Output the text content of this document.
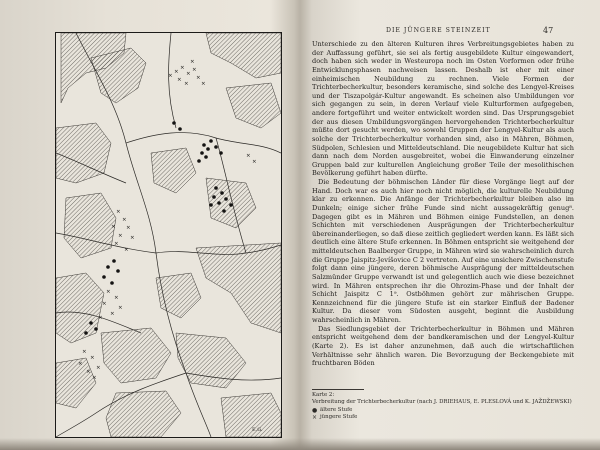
×
×
×
×
×
×
×
×
×
×
×
×
× ×
× ×
×
×
×
×
×
×
×
×
×
×
×
×
×
×
×
×
E.G.
DIE JÜNGERE STEINZEIT	47

Unterschiede zu den älteren Kulturen ihres Verbreitungsgebietes haben zu der Auffassung geführt, sie sei als fertig ausgebildete Kultur eingewandert, doch haben sich weder in Westeuropa noch im Osten Vorformen oder frühe Entwicklungsphasen nachweisen lassen. Deshalb ist eher mit einer einheimischen Neubildung zu rechnen. Viele Formen der Trichterbecherkultur, besonders keramische, sind solche des Lengyel-Kreises und der Tiszapolgár-Kultur angewandt. Es scheinen also Umbildungen vor sich gegangen zu sein, in deren Verlauf viele Kulturformen aufgegeben, andere fortgeführt und weiter entwickelt worden sind. Das Ursprungsgebiet der aus diesen Umbildungsvorgängen hervorgehenden Trichterbecherkultur müßte dort gesucht werden, wo sowohl Gruppen der Lengyel-Kultur als auch solche der Trichterbecherkultur vorhanden sind, also in Mähren, Böhmen, Südpolen, Schlesien und Mitteldeutschland. Die neugebildete Kultur hat sich dann nach dem Norden ausgebreitet, wobei die Einwanderung einzelner Gruppen bald zur kulturellen Angleichung großer Teile der mesolithischen Bevölkerung geführt haben dürfte.

Die Bedeutung der böhmischen Länder für diese Vorgänge liegt auf der Hand. Doch war es auch hier noch nicht möglich, die kulturelle Neubildung klar zu erkennen. Die Anfänge der Trichterbecherkultur bleiben also im Dunkeln; einige sicher frühe Funde sind nicht aussagekräftig genug⁸. Dagegen gibt es in Mähren und Böhmen einige Fundstellen, an denen Schichten mit verschiedenen Ausprägungen der Trichterbecherkultur übereinanderliegen, so daß diese zeitlich gegliedert werden kann. Es läßt sich deutlich eine ältere Stufe erkennen. In Böhmen entspricht sie weitgehend der mitteldeutschen Baalberger Gruppe, in Mähren wird sie wahrscheinlich durch die Gruppe Jaispitz-Jevíšovice C 2 vertreten. Auf eine unsichere Zwischenstufe folgt dann eine jüngere, deren böhmische Ausprägung der mitteldeutschen Salzmünder Gruppe verwandt ist und gelegentlich auch wie diese bezeichnet wird. In Mähren entsprechen ihr die Ohrozim-Phase und der Inhalt der Schicht Jaispitz C 1⁹. Ostböhmen gehört zur mährischen Gruppe. Kennzeichnend für die jüngere Stufe ist ein starker Einfluß der Badener Kultur. Da dieser vom Südosten ausgeht, beginnt die Ausbildung wahrscheinlich in Mähren.

Das Siedlungsgebiet der Trichterbecherkultur in Böhmen und Mähren entspricht weitgehend dem der bandkeramischen und der Lengyel-Kultur (Karte 2). Es ist daher anzunehmen, daß auch die wirtschaftlichen Verhältnisse sehr ähnlich waren. Die Bevorzugung der Beckengebiete mit fruchtbaren Böden

Karte 2:
Verbreitung der Trichterbecherkultur (nach J. DRIEHAUS, E. PLESLOVÁ und K. JAŽDŽEWSKI)
● ältere Stufe
× jüngere Stufe
